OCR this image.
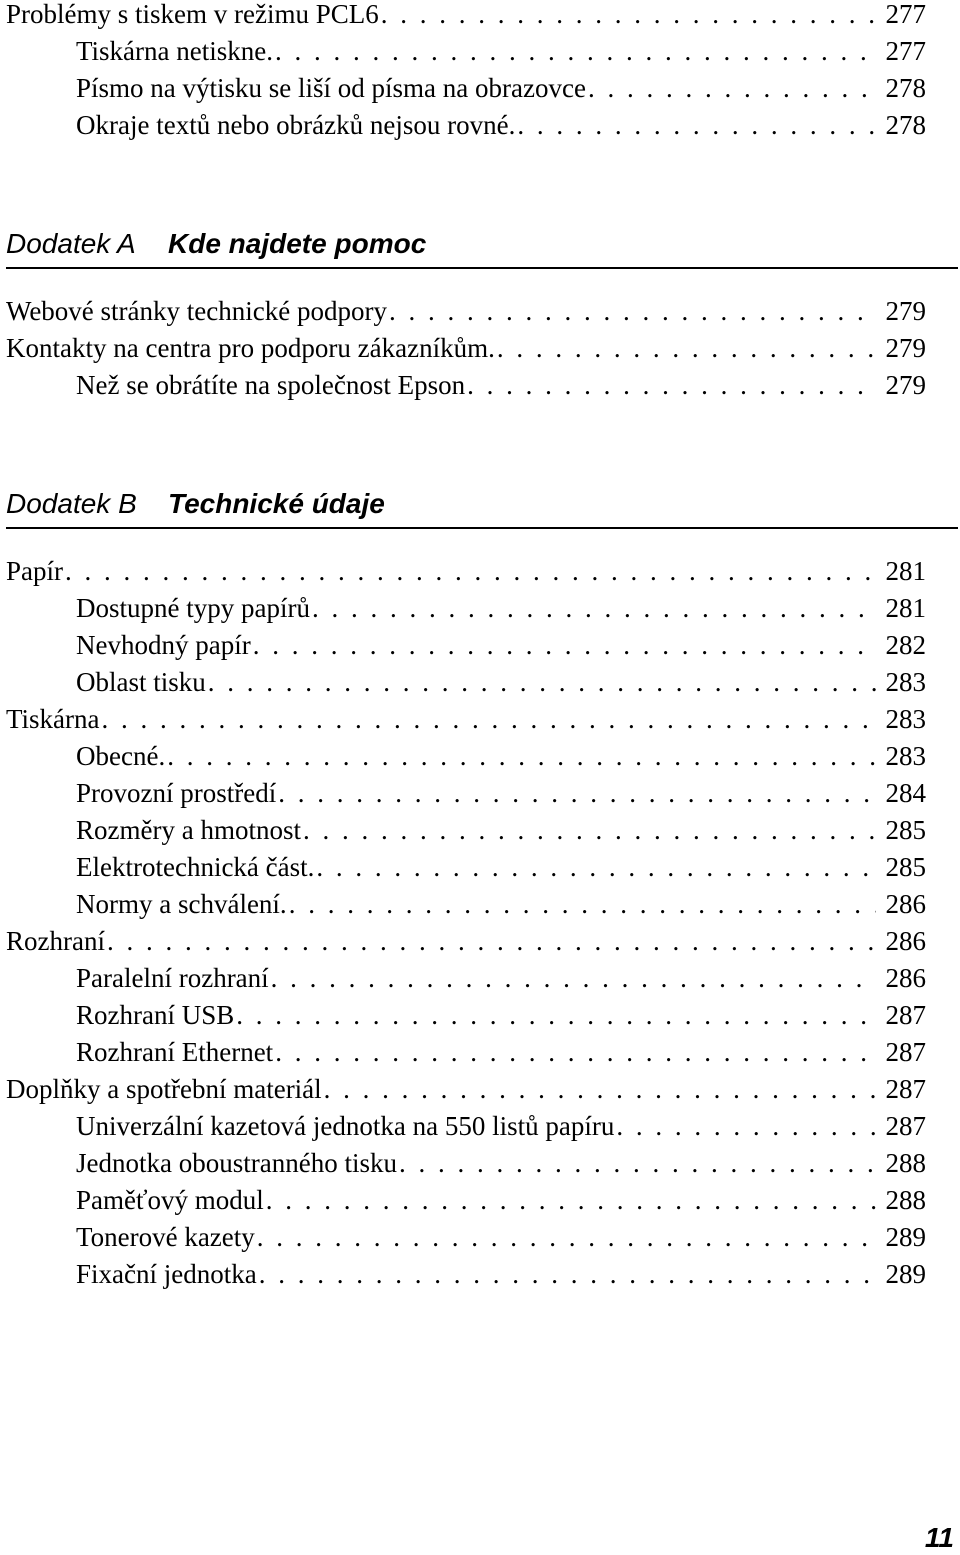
Problémy s tiskem v režimu PCL6 . . .	277
Tiskárna netiskne. . . .	277
Písmo na výtisku se liší od písma na obrazovce . . .	278
Okraje textů nebo obrázků nejsou rovné. . . .	278
Dodatek A Kde najdete pomoc
Webové stránky technické podpory . . .	279
Kontakty na centra pro podporu zákazníkům. . . .	279
Než se obrátíte na společnost Epson . . .	279
Dodatek B Technické údaje
Papír . . .	281
Dostupné typy papírů . . .	281
Nevhodný papír . . .	282
Oblast tisku . . .	283
Tiskárna . . .	283
Obecné. . . .	283
Provozní prostředí . . .	284
Rozměry a hmotnost . . .	285
Elektrotechnická část. . . .	285
Normy a schválení. . . .	286
Rozhraní . . .	286
Paralelní rozhraní . . .	286
Rozhraní USB . . .	287
Rozhraní Ethernet . . .	287
Doplňky a spotřební materiál . . .	287
Univerzální kazetová jednotka na 550 listů papíru . . .	287
Jednotka oboustranného tisku . . .	288
Paměťový modul . . .	288
Tonerové kazety . . .	289
Fixační jednotka . . .	289
11
